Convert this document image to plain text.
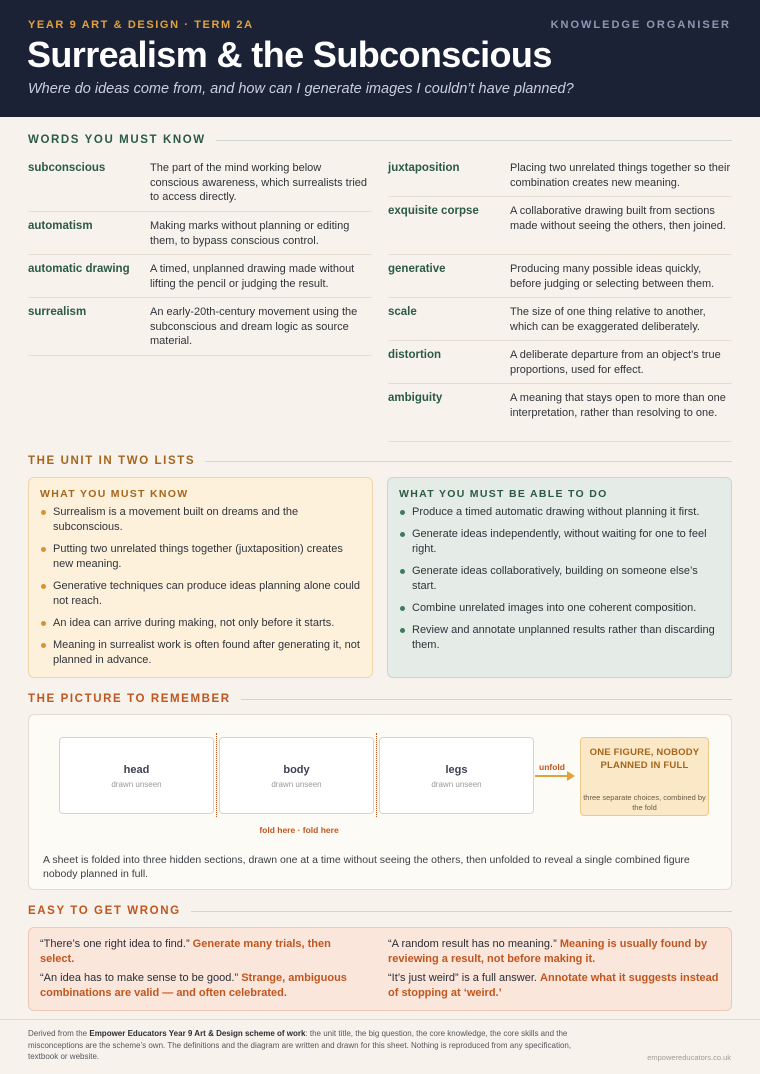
YEAR 9 ART & DESIGN · TERM 2A	KNOWLEDGE ORGANISER
Surrealism & the Subconscious
Where do ideas come from, and how can I generate images I couldn’t have planned?
WORDS YOU MUST KNOW
subconscious	The part of the mind working below conscious awareness, which surrealists tried to access directly.
automatism	Making marks without planning or editing them, to bypass conscious control.
automatic drawing	A timed, unplanned drawing made without lifting the pencil or judging the result.
surrealism	An early-20th-century movement using the subconscious and dream logic as source material.
juxtaposition	Placing two unrelated things together so their combination creates new meaning.
exquisite corpse	A collaborative drawing built from sections made without seeing the others, then joined.
generative	Producing many possible ideas quickly, before judging or selecting between them.
scale	The size of one thing relative to another, which can be exaggerated deliberately.
distortion	A deliberate departure from an object’s true proportions, used for effect.
ambiguity	A meaning that stays open to more than one interpretation, rather than resolving to one.
THE UNIT IN TWO LISTS
WHAT YOU MUST KNOW
Surrealism is a movement built on dreams and the subconscious.
Putting two unrelated things together (juxtaposition) creates new meaning.
Generative techniques can produce ideas planning alone could not reach.
An idea can arrive during making, not only before it starts.
Meaning in surrealist work is often found after generating it, not planned in advance.
WHAT YOU MUST BE ABLE TO DO
Produce a timed automatic drawing without planning it first.
Generate ideas independently, without waiting for one to feel right.
Generate ideas collaboratively, building on someone else’s start.
Combine unrelated images into one coherent composition.
Review and annotate unplanned results rather than discarding them.
THE PICTURE TO REMEMBER
head
drawn unseen
body
drawn unseen
legs
drawn unseen
fold here · fold here
unfold
ONE FIGURE, NOBODY PLANNED IN FULL
three separate choices, combined by the fold
A sheet is folded into three hidden sections, drawn one at a time without seeing the others, then unfolded to reveal a single combined figure nobody planned in full.
EASY TO GET WRONG
“There’s one right idea to find.” Generate many trials, then select.
“An idea has to make sense to be good.” Strange, ambiguous combinations are valid — and often celebrated.
“A random result has no meaning.” Meaning is usually found by reviewing a result, not before making it.
“It’s just weird” is a full answer. Annotate what it suggests instead of stopping at ‘weird.’
Derived from the Empower Educators Year 9 Art & Design scheme of work: the unit title, the big question, the core knowledge, the core skills and the misconceptions are the scheme’s own. The definitions and the diagram are written and drawn for this sheet. Nothing is reproduced from any specification, textbook or website.	empowereducators.co.uk
